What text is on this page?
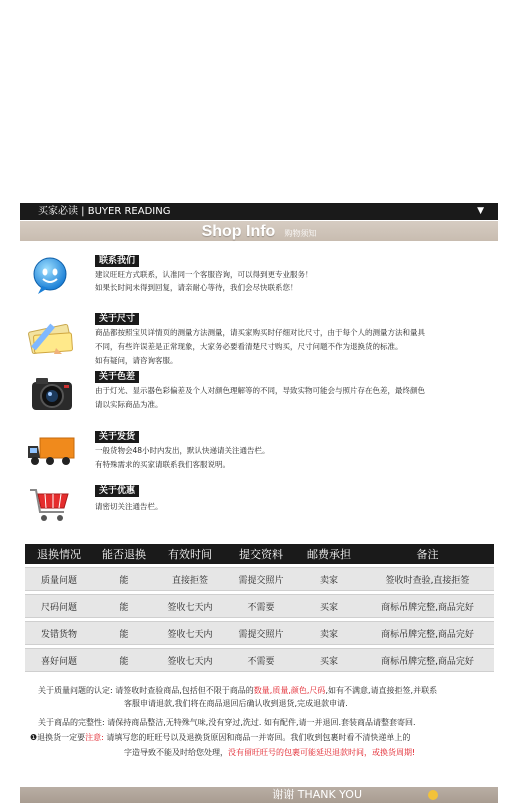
买家必读 | BUYER READING	▼
Shop Info 购物须知
联系我们
建议旺旺方式联系，认准同一个客服咨询，可以得到更专业服务！
如果长时间未得到回复，请亲耐心等待，我们会尽快联系您！
关于尺寸
商品都按照宝贝详情页的测量方法测量，请买家购买时仔细对比尺寸，由于每个人的测量方法和量具
不同，有些许误差是正常现象，大家务必要看清楚尺寸购买，尺寸问题不作为退换货的标准。
如有疑问，请咨询客服。
关于色差
由于灯光、显示器色彩偏差及个人对颜色理解等的不同，导致实物可能会与照片存在色差，最终颜色
请以实际商品为准。
关于发货
一般货物会48小时内发出，默认快递请关注通告栏。
有特殊需求的买家请联系我们客服说明。
关于优惠
请密切关注通告栏。
退换情况	能否退换	有效时间	提交资料	邮费承担	备注
质量问题	能	直接拒签	需提交照片	卖家	签收时查验,直接拒签
尺码问题	能	签收七天内	不需要	买家	商标吊牌完整,商品完好
发错货物	能	签收七天内	需提交照片	卖家	商标吊牌完整,商品完好
喜好问题	能	签收七天内	不需要	买家	商标吊牌完整,商品完好
关于质量问题的认定: 请签收时查验商品,包括但不限于商品的数量,质量,颜色,尺码,如有不满意,请直接拒签,并联系
客服申请退款,我们将在商品退回后确认收到退货,完成退款申请.
关于商品的完整性: 请保持商品整洁,无特殊气味,没有穿过,洗过. 如有配件,请一并退回.套装商品请整套寄回.
❶退换货一定要注意: 请填写您的旺旺号以及退换货原因和商品一并寄回。我们收到包裹时看不清快递单上的
字造导致不能及时给您处理，没有留旺旺号的包裹可能延迟退款时间，或换货周期!
谢谢 THANK YOU
